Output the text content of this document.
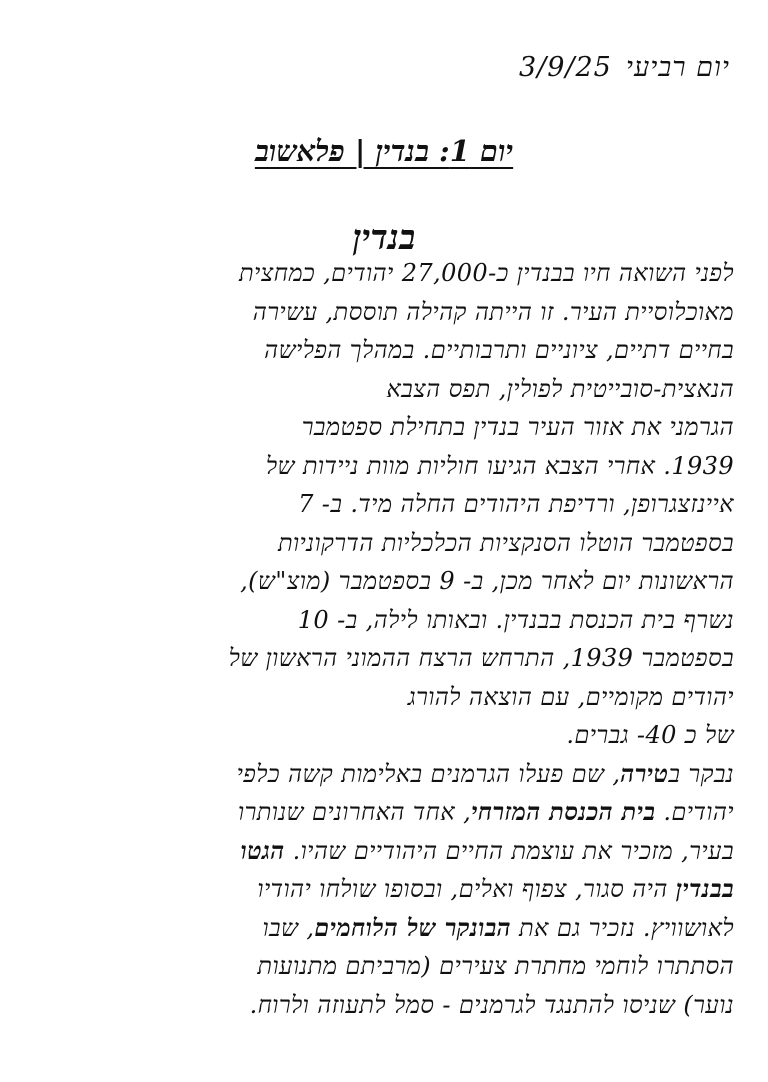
יום רביעי3/9/25
יום 1: בנדין | פלאשוב
בנדין

לפני השואה חיו בבנדין כ-27,000 יהודים, כמחצית
מאוכלוסיית העיר. זו הייתה קהילה תוססת, עשירה
בחיים דתיים, ציוניים ותרבותיים. במהלך הפלישה
הנאצית-סובייטית לפולין, תפס הצבא
הגרמני את אזור העיר בנדין בתחילת ספטמבר
1939. אחרי הצבא הגיעו חוליות מוות ניידות של
איינזצגרופן, ורדיפת היהודים החלה מיד. ב- 7
בספטמבר הוטלו הסנקציות הכלכליות הדרקוניות
הראשונות יום לאחר מכן, ב- 9 בספטמבר (מוצ"ש),
נשרף בית הכנסת בבנדין. ובאותו לילה, ב- 10
בספטמבר 1939, התרחש הרצח ההמוני הראשון של
יהודים מקומיים, עם הוצאה להורג
של כ 40- גברים.

נבקר בטירה, שם פעלו הגרמנים באלימות קשה כלפי
יהודים. בית הכנסת המזרחי, אחד האחרונים שנותרו
בעיר, מזכיר את עוצמת החיים היהודיים שהיו. הגטו
בבנדין היה סגור, צפוף ואלים, ובסופו שולחו יהודיו
לאושוויץ. נזכיר גם את הבונקר של הלוחמים, שבו
הסתתרו לוחמי מחתרת צעירים (מרביתם מתנועות
נוער) שניסו להתנגד לגרמנים - סמל לתעוזה ולרוח.
